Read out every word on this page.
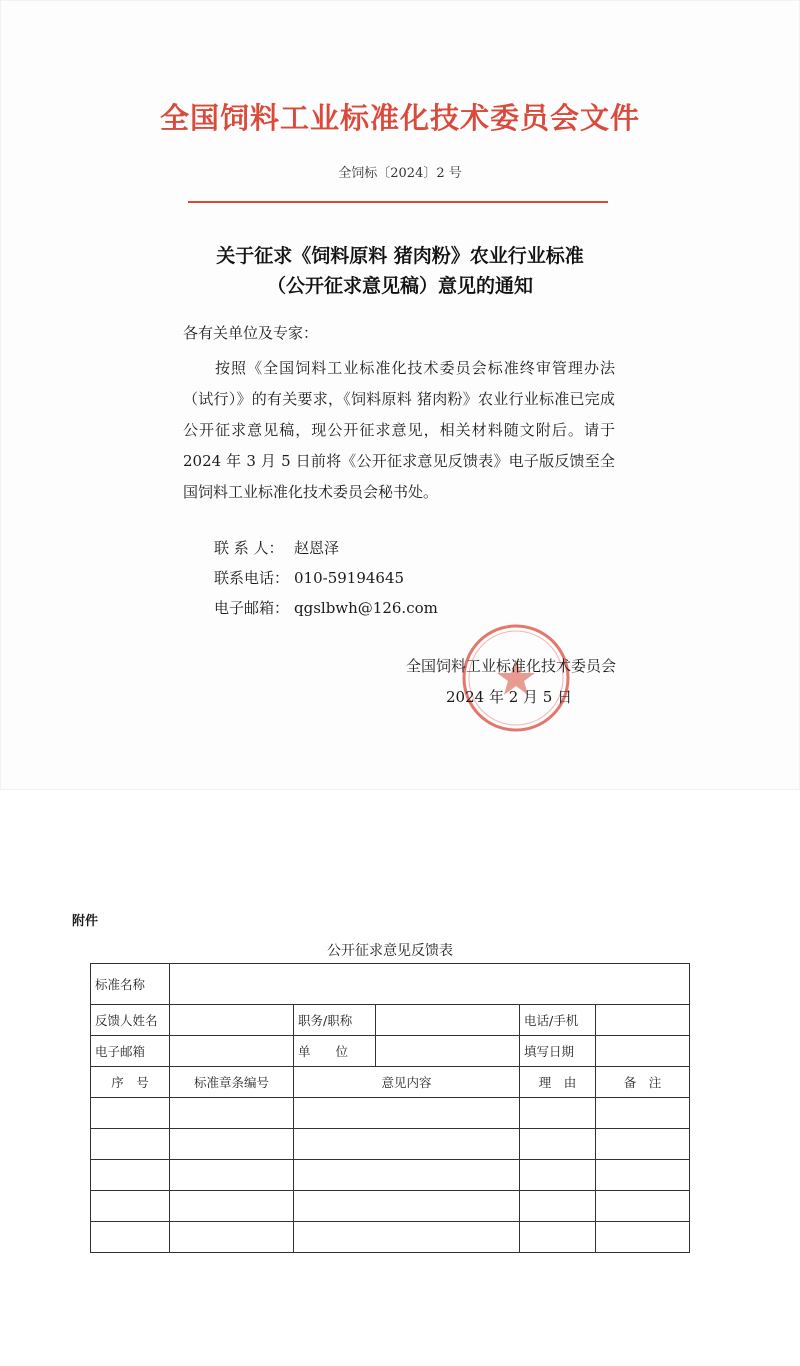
全国饲料工业标准化技术委员会文件
全饲标〔2024〕2 号
关于征求《饲料原料 猪肉粉》农业行业标准
（公开征求意见稿）意见的通知
各有关单位及专家：
按照《全国饲料工业标准化技术委员会标准终审管理办法（试行）》的有关要求，《饲料原料 猪肉粉》农业行业标准已完成公开征求意见稿，现公开征求意见，相关材料随文附后。请于 2024 年 3 月 5 日前将《公开征求意见反馈表》电子版反馈至全国饲料工业标准化技术委员会秘书处。
联 系 人： 赵恩泽
联系电话： 010-59194645
电子邮箱： qgslbwh@126.com
全国饲料工业标准化技术委员会
2024 年 2 月 5 日
附件
公开征求意见反馈表
标准名称					
反馈人姓名		职务/职称		电话/手机	
电子邮箱		单　　位		填写日期	
序　号	标准章条编号	意见内容		理　由	备　注
